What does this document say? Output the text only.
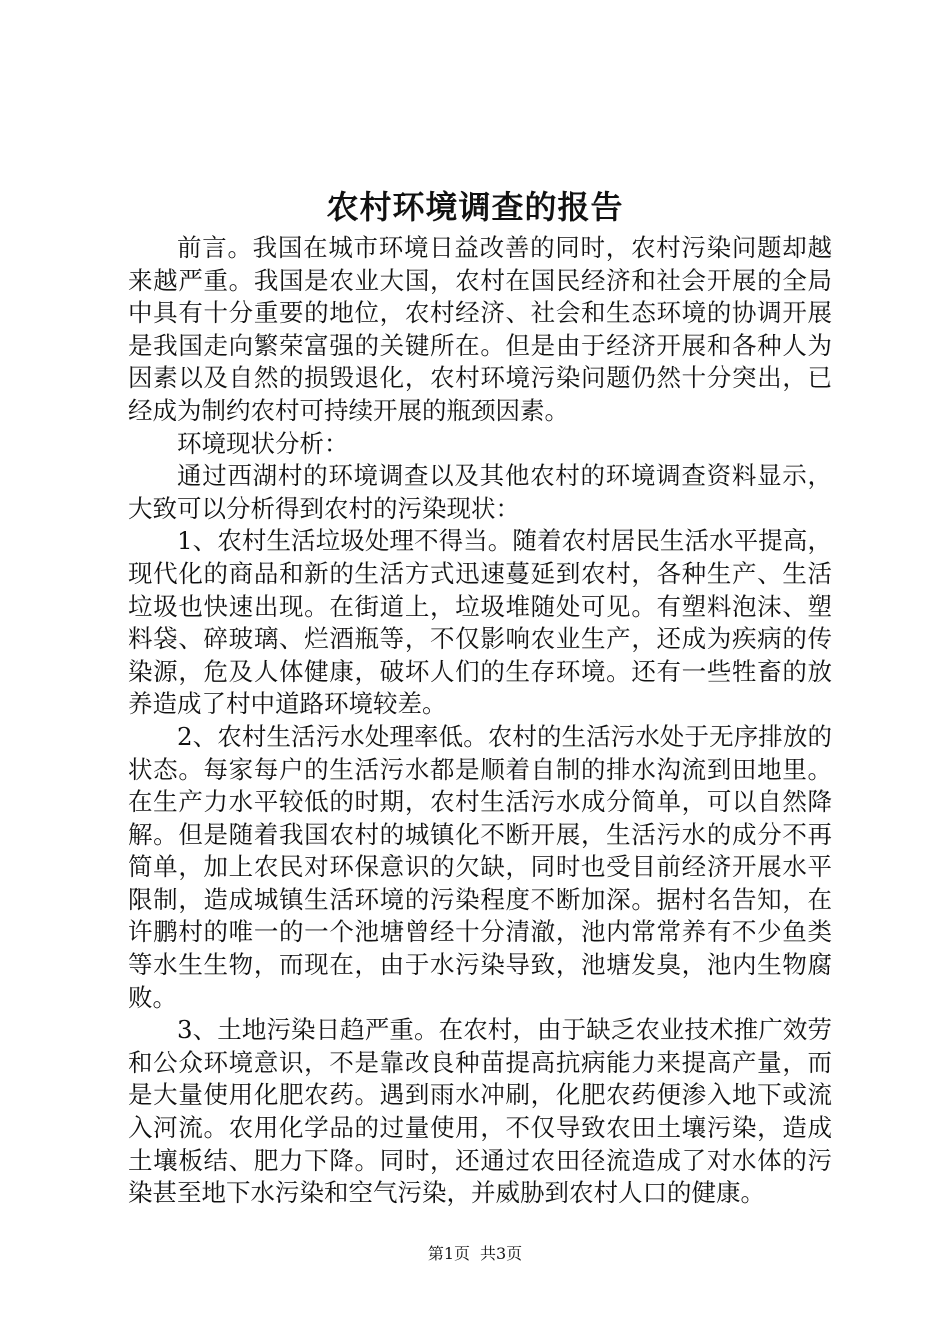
农村环境调查的报告

前言。我国在城市环境日益改善的同时，农村污染问题却越来越严重。我国是农业大国，农村在国民经济和社会开展的全局中具有十分重要的地位，农村经济、社会和生态环境的协调开展是我国走向繁荣富强的关键所在。但是由于经济开展和各种人为因素以及自然的损毁退化，农村环境污染问题仍然十分突出，已经成为制约农村可持续开展的瓶颈因素。

环境现状分析：

通过西湖村的环境调查以及其他农村的环境调查资料显示，大致可以分析得到农村的污染现状：

1、农村生活垃圾处理不得当。随着农村居民生活水平提高，现代化的商品和新的生活方式迅速蔓延到农村，各种生产、生活垃圾也快速出现。在街道上，垃圾堆随处可见。有塑料泡沫、塑料袋、碎玻璃、烂酒瓶等，不仅影响农业生产，还成为疾病的传染源，危及人体健康，破坏人们的生存环境。还有一些牲畜的放养造成了村中道路环境较差。

2、农村生活污水处理率低。农村的生活污水处于无序排放的状态。每家每户的生活污水都是顺着自制的排水沟流到田地里。在生产力水平较低的时期，农村生活污水成分简单，可以自然降解。但是随着我国农村的城镇化不断开展，生活污水的成分不再简单，加上农民对环保意识的欠缺，同时也受目前经济开展水平限制，造成城镇生活环境的污染程度不断加深。据村名告知，在许鹏村的唯一的一个池塘曾经十分清澈，池内常常养有不少鱼类等水生生物，而现在，由于水污染导致，池塘发臭，池内生物腐败。

3、土地污染日趋严重。在农村，由于缺乏农业技术推广效劳和公众环境意识，不是靠改良种苗提高抗病能力来提高产量，而是大量使用化肥农药。遇到雨水冲刷，化肥农药便渗入地下或流入河流。农用化学品的过量使用，不仅导致农田土壤污染，造成土壤板结、肥力下降。同时，还通过农田径流造成了对水体的污染甚至地下水污染和空气污染，并威胁到农村人口的健康。

第1页 共3页
